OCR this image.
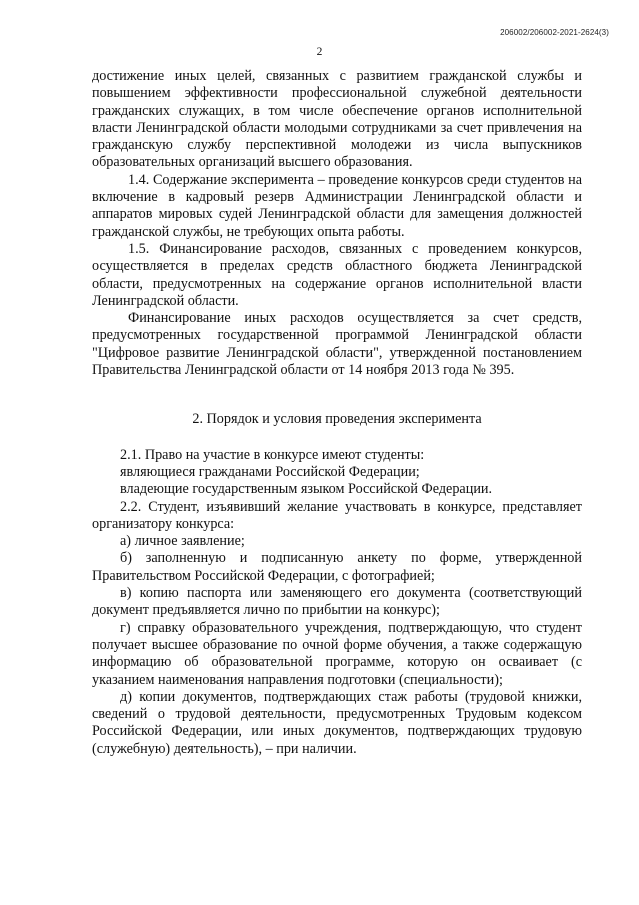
206002/206002-2021-2624(3)
2

достижение иных целей, связанных с развитием гражданской службы и повышением эффективности профессиональной служебной деятельности гражданских служащих, в том числе обеспечение органов исполнительной власти Ленинградской области молодыми сотрудниками за счет привлечения на гражданскую службу перспективной молодежи из числа выпускников образовательных организаций высшего образования.

1.4. Содержание эксперимента – проведение конкурсов среди студентов на включение в кадровый резерв Администрации Ленинградской области и аппаратов мировых судей Ленинградской области для замещения должностей гражданской службы, не требующих опыта работы.

1.5. Финансирование расходов, связанных с проведением конкурсов, осуществляется в пределах средств областного бюджета Ленинградской области, предусмотренных на содержание органов исполнительной власти Ленинградской области.

Финансирование иных расходов осуществляется за счет средств, предусмотренных государственной программой Ленинградской области "Цифровое развитие Ленинградской области", утвержденной постановлением Правительства Ленинградской области от 14 ноября 2013 года № 395.

2. Порядок и условия проведения эксперимента

2.1. Право на участие в конкурсе имеют студенты:

являющиеся гражданами Российской Федерации;

владеющие государственным языком Российской Федерации.

2.2. Студент, изъявивший желание участвовать в конкурсе, представляет организатору конкурса:

а) личное заявление;

б) заполненную и подписанную анкету по форме, утвержденной Правительством Российской Федерации, с фотографией;

в) копию паспорта или заменяющего его документа (соответствующий документ предъявляется лично по прибытии на конкурс);

г) справку образовательного учреждения, подтверждающую, что студент получает высшее образование по очной форме обучения, а также содержащую информацию об образовательной программе, которую он осваивает (с указанием наименования направления подготовки (специальности);

д) копии документов, подтверждающих стаж работы (трудовой книжки, сведений о трудовой деятельности, предусмотренных Трудовым кодексом Российской Федерации, или иных документов, подтверждающих трудовую (служебную) деятельность), – при наличии.
